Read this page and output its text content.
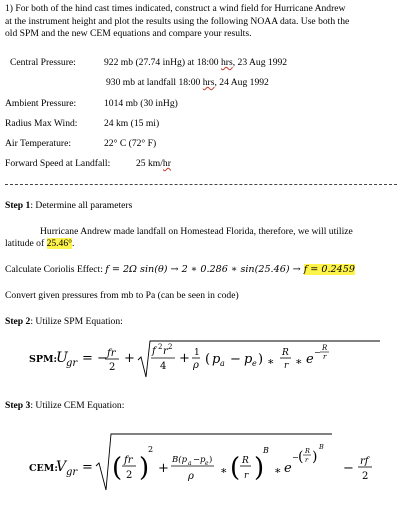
1) For both of the hind cast times indicated, construct a wind field for Hurricane Andrew
at the instrument height and plot the results using the following NOAA data. Use both the
old SPM and the new CEM equations and compare your results.
Central Pressure:	922 mb (27.74 inHg) at 18:00 hrs, 23 Aug 1992
930 mb at landfall 18:00 hrs, 24 Aug 1992
Ambient Pressure:	1014 mb (30 inHg)
Radius Max Wind:	24 km (15 mi)
Air Temperature:	22° C (72° F)
Forward Speed at Landfall:	25 km/hr
Step 1: Determine all parameters
Hurricane Andrew made landfall on Homestead Florida, therefore, we will utilize
latitude of 25.46°.
Calculate Coriolis Effect: f = 2Ω sin(θ) → 2 ∗ 0.286 ∗ sin(25.46) → f = 0.2459
Convert given pressures from mb to Pa (can be seen in code)
Step 2: Utilize SPM Equation:
SPM:
U
gr = − fr
2
+ f 2 r 2
4
+ 1
ρ ( p a − p e ) ∗
R
r ∗ e − R
r
Step 3: Utilize CEM Equation:
CEM:
V gr = ( fr
2 )
2
+
B(p a − p e )
ρ ∗ ( R
r )
B
∗ e
− ( R
r )
B
− rf
2
